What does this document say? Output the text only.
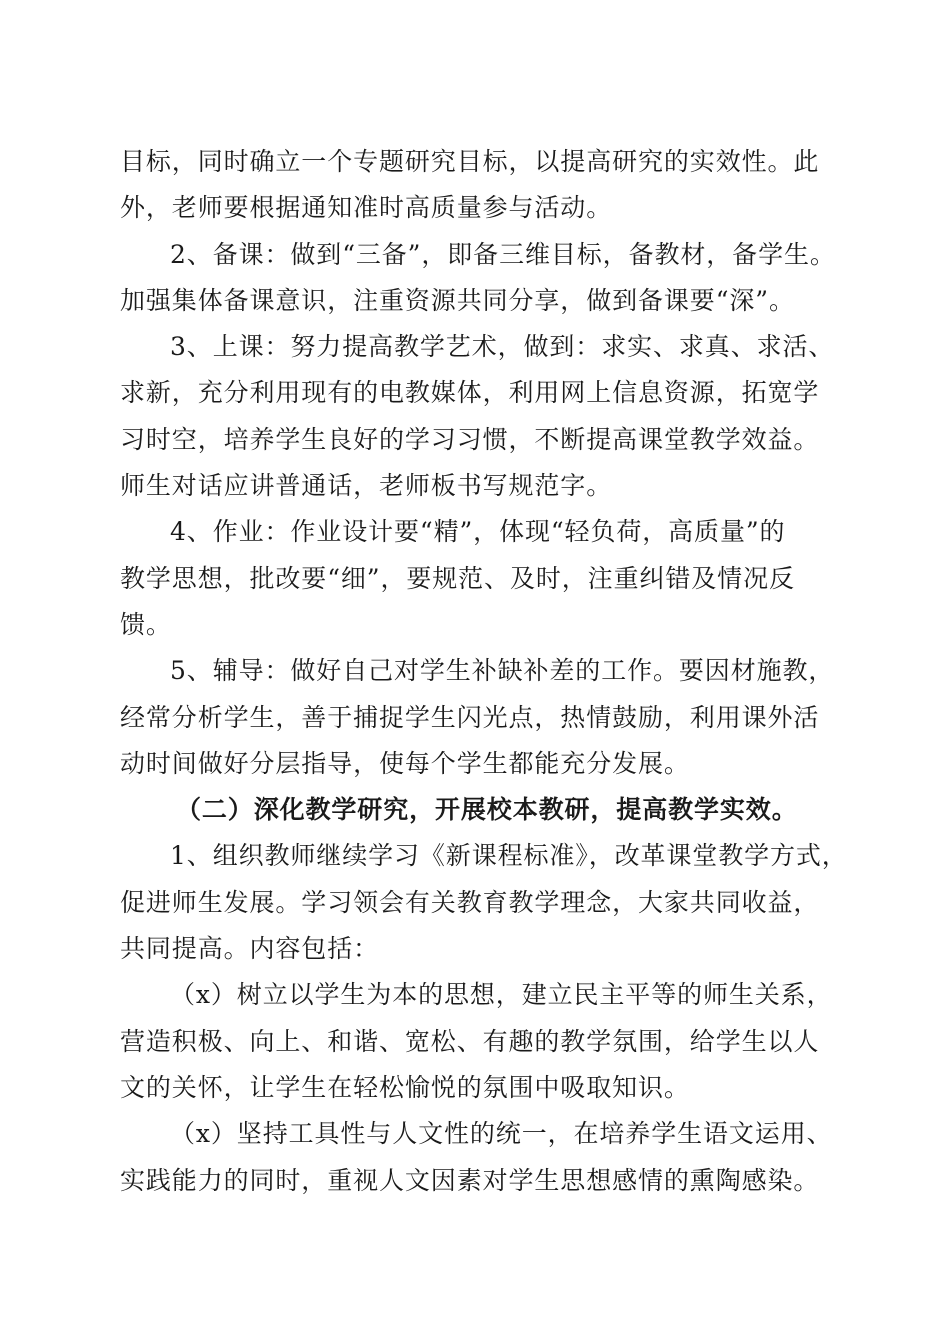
目标，同时确立一个专题研究目标，以提高研究的实效性。此
外，老师要根据通知准时高质量参与活动。
2、备课：做到“三备”，即备三维目标，备教材，备学生。
加强集体备课意识，注重资源共同分享，做到备课要“深”。
3、上课：努力提高教学艺术，做到：求实、求真、求活、
求新，充分利用现有的电教媒体，利用网上信息资源，拓宽学
习时空，培养学生良好的学习习惯，不断提高课堂教学效益。
师生对话应讲普通话，老师板书写规范字。
4、作业：作业设计要“精”，体现“轻负荷，高质量”的
教学思想，批改要“细”，要规范、及时，注重纠错及情况反
馈。
5、辅导：做好自己对学生补缺补差的工作。要因材施教，
经常分析学生，善于捕捉学生闪光点，热情鼓励，利用课外活
动时间做好分层指导，使每个学生都能充分发展。
（二）深化教学研究，开展校本教研，提高教学实效。
1、组织教师继续学习《新课程标准》，改革课堂教学方式，
促进师生发展。学习领会有关教育教学理念，大家共同收益，
共同提高。内容包括：
（x）树立以学生为本的思想，建立民主平等的师生关系，
营造积极、向上、和谐、宽松、有趣的教学氛围，给学生以人
文的关怀，让学生在轻松愉悦的氛围中吸取知识。
（x）坚持工具性与人文性的统一，在培养学生语文运用、
实践能力的同时，重视人文因素对学生思想感情的熏陶感染。
